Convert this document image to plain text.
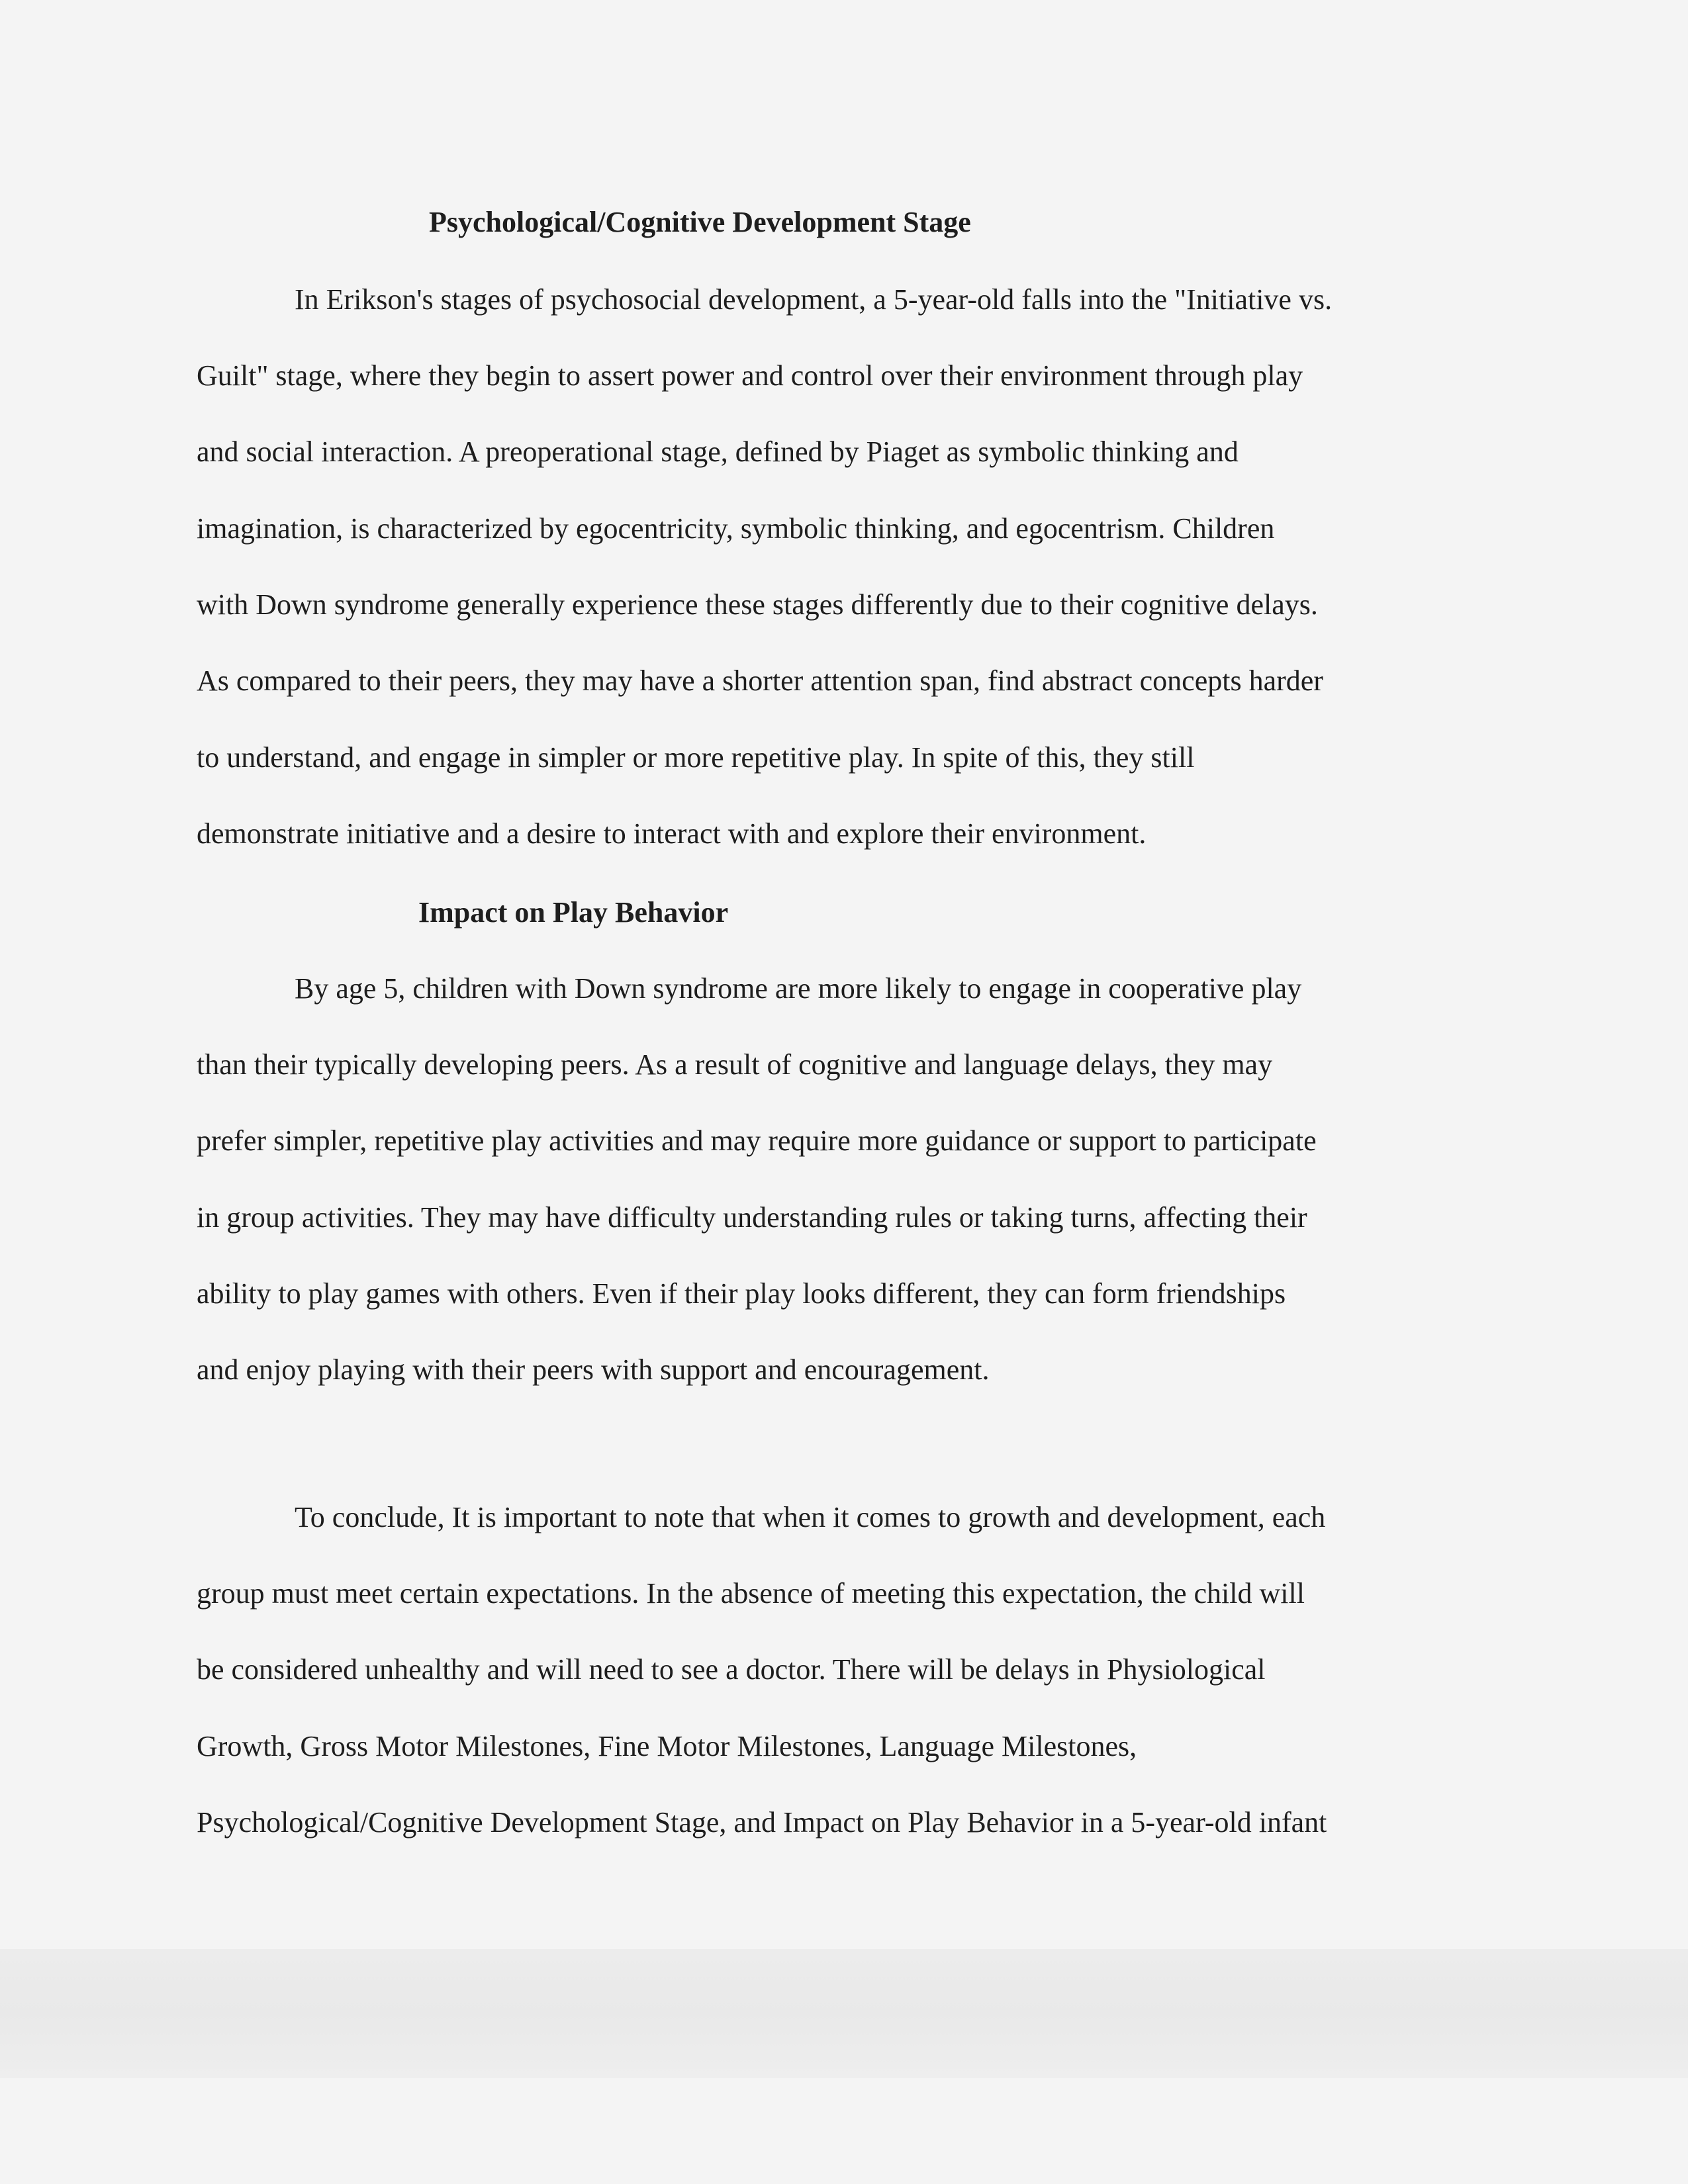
Psychological/Cognitive Development Stage

In Erikson's stages of psychosocial development, a 5-year-old falls into the "Initiative vs.

Guilt" stage, where they begin to assert power and control over their environment through play

and social interaction. A preoperational stage, defined by Piaget as symbolic thinking and

imagination, is characterized by egocentricity, symbolic thinking, and egocentrism. Children

with Down syndrome generally experience these stages differently due to their cognitive delays.

As compared to their peers, they may have a shorter attention span, find abstract concepts harder

to understand, and engage in simpler or more repetitive play. In spite of this, they still

demonstrate initiative and a desire to interact with and explore their environment.

Impact on Play Behavior

By age 5, children with Down syndrome are more likely to engage in cooperative play

than their typically developing peers. As a result of cognitive and language delays, they may

prefer simpler, repetitive play activities and may require more guidance or support to participate

in group activities. They may have difficulty understanding rules or taking turns, affecting their

ability to play games with others. Even if their play looks different, they can form friendships

and enjoy playing with their peers with support and encouragement.

To conclude, It is important to note that when it comes to growth and development, each

group must meet certain expectations. In the absence of meeting this expectation, the child will

be considered unhealthy and will need to see a doctor. There will be delays in Physiological

Growth, Gross Motor Milestones, Fine Motor Milestones, Language Milestones,

Psychological/Cognitive Development Stage, and Impact on Play Behavior in a 5-year-old infant
